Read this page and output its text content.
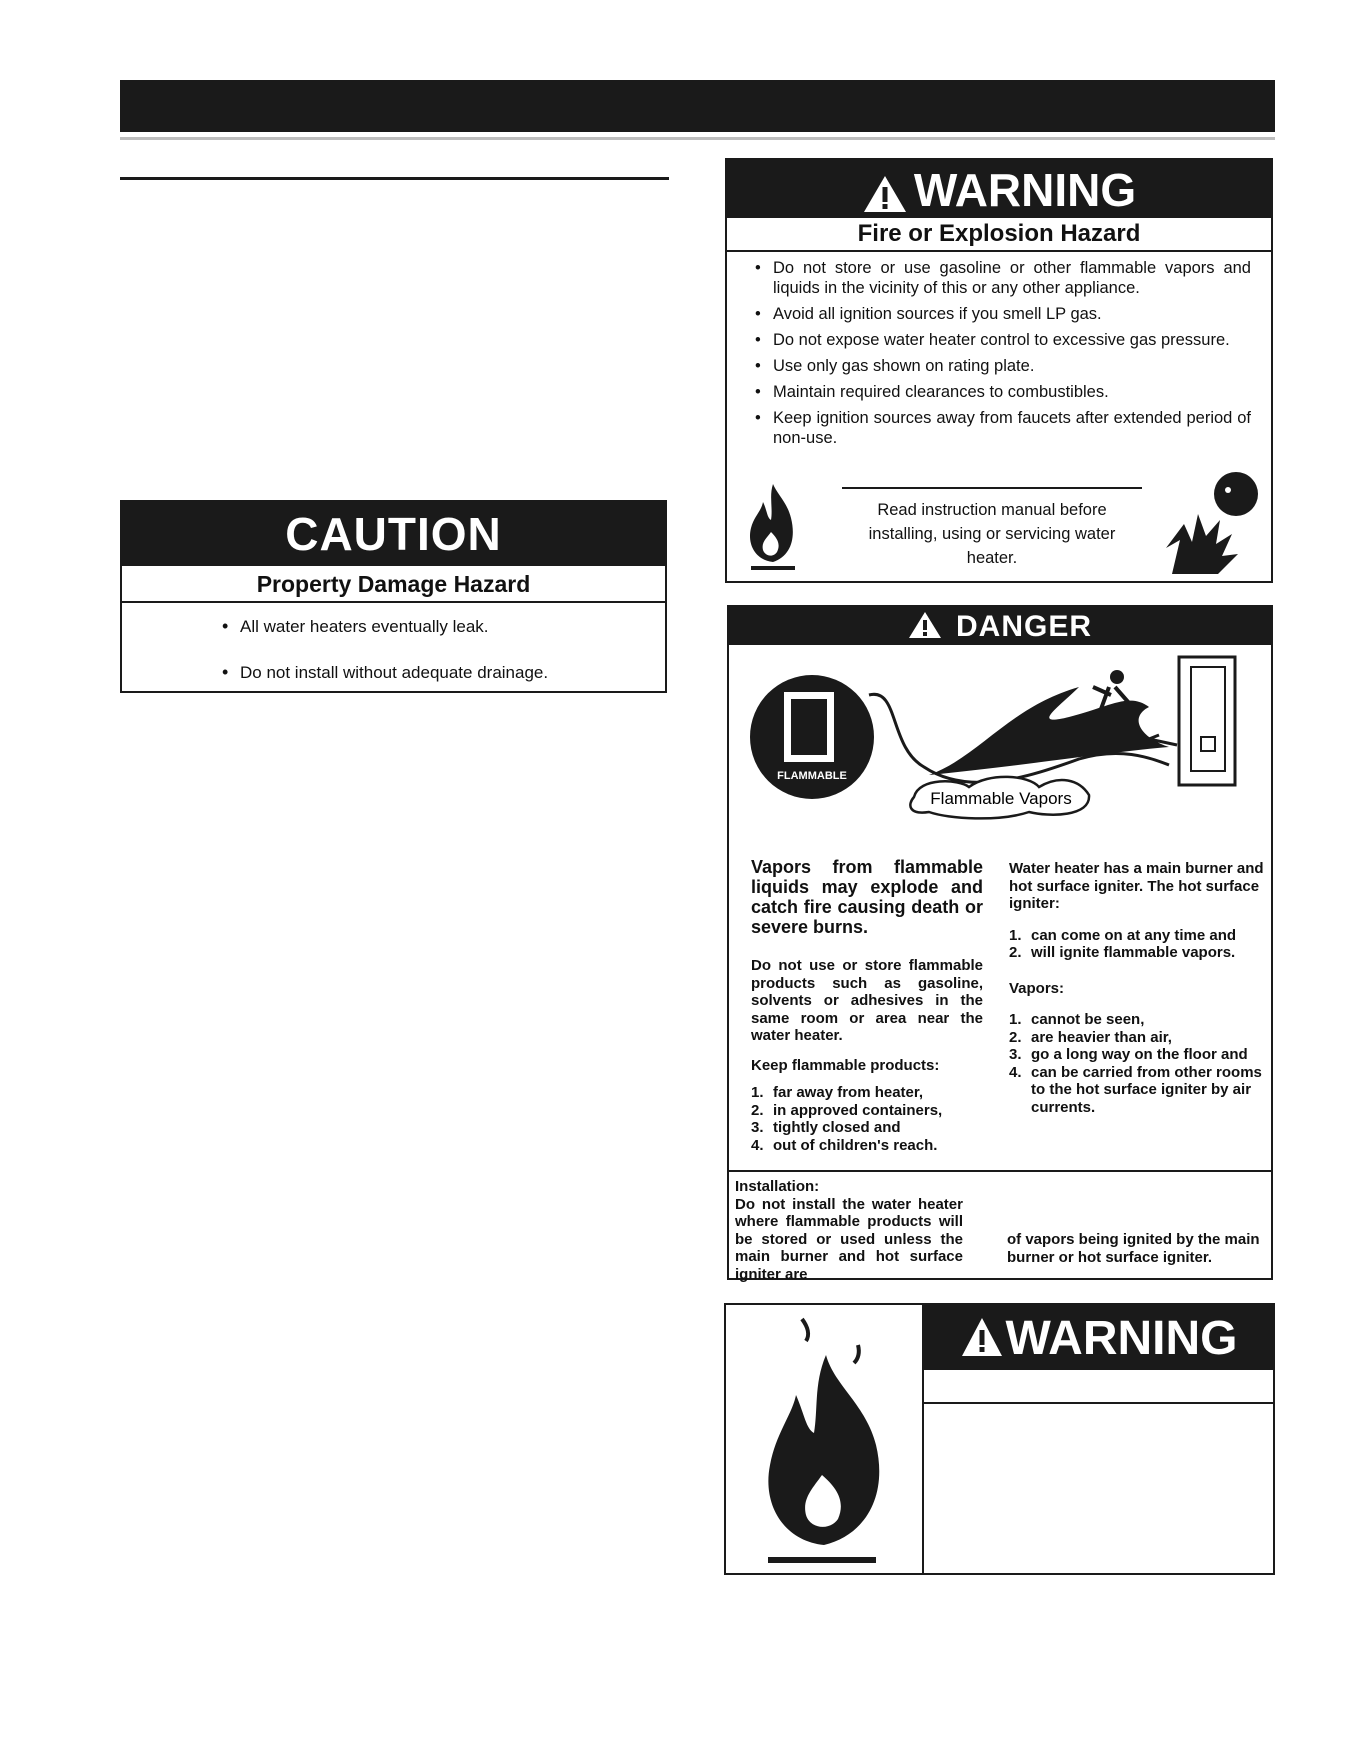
CAUTION
Property Damage Hazard
• All water heaters eventually leak.
• Do not install without adequate drainage.
WARNING
Fire or Explosion Hazard
• Do not store or use gasoline or other flammable vapors and liquids in the vicinity of this or any other appliance.
• Avoid all ignition sources if you smell LP gas.
• Do not expose water heater control to excessive gas pressure.
• Use only gas shown on rating plate.
• Maintain required clearances to combustibles.
• Keep ignition sources away from faucets after extended period of non-use.
Read instruction manual before installing, using or servicing water heater.
DANGER
FLAMMABLE
Flammable Vapors
Vapors from flammable liquids may explode and catch fire causing death or severe burns.
Do not use or store flammable products such as gasoline, solvents or adhesives in the same room or area near the water heater.
Keep flammable products:
1. far away from heater,
2. in approved containers,
3. tightly closed and
4. out of children's reach.
Water heater has a main burner and hot surface igniter. The hot surface igniter:
1. can come on at any time and
2. will ignite flammable vapors.
Vapors:
1. cannot be seen,
2. are heavier than air,
3. go a long way on the floor and
4. can be carried from other rooms to the hot surface igniter by air currents.
Installation:
Do not install the water heater where flammable products will be stored or used unless the main burner and hot surface igniter are
of vapors being ignited by the main burner or hot surface igniter.
WARNING
